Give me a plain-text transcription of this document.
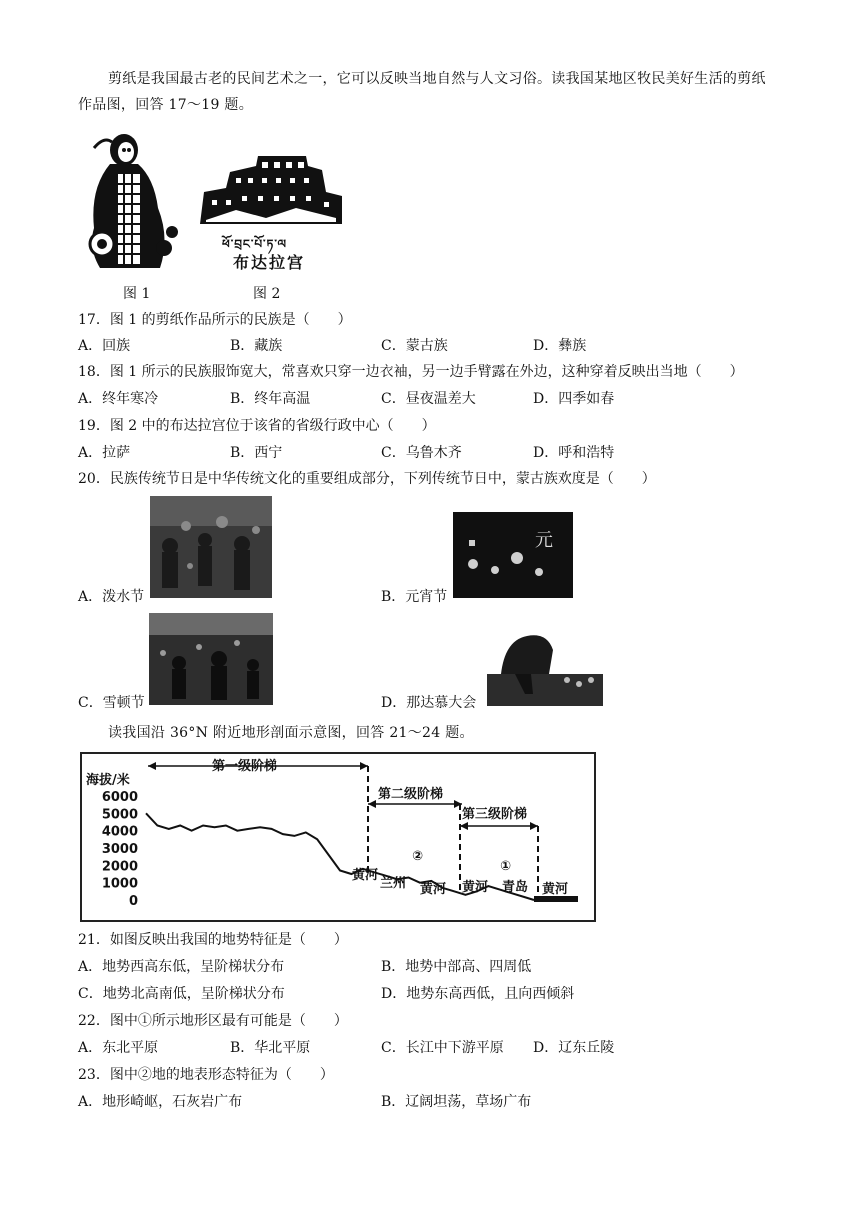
剪纸是我国最古老的民间艺术之一，它可以反映当地自然与人文习俗。读我国某地区牧民美好生活的剪纸作品图，回答 17～19 题。
ཕོ་བྲང་པོ་ཏ་ལ
布达拉宫
图 1	图 2
17．图 1 的剪纸作品所示的民族是（　　）
A．回族	B．藏族	C．蒙古族	D．彝族
18．图 1 所示的民族服饰宽大，常喜欢只穿一边衣袖，另一边手臂露在外边，这种穿着反映出当地（　　）
A．终年寒冷	B．终年高温	C．昼夜温差大	D．四季如春
19．图 2 中的布达拉宫位于该省的省级行政中心（　　）
A．拉萨	B．西宁	C．乌鲁木齐	D．呼和浩特
20．民族传统节日是中华传统文化的重要组成部分，下列传统节日中，蒙古族欢度是（　　）
A．泼水节
元
B．元宵节
C．雪顿节	D．那达慕大会
读我国沿 36°N 附近地形剖面示意图，回答 21～24 题。
海拔/米
0
1000
2000
3000
4000
5000
6000
第一级阶梯
第二级阶梯
第三级阶梯
②
①
黄河
兰州 黄河 黄河 青岛 黄河
21．如图反映出我国的地势特征是（　　）
A．地势西高东低，呈阶梯状分布	B．地势中部高、四周低
C．地势北高南低，呈阶梯状分布	D．地势东高西低，且向西倾斜
22．图中①所示地形区最有可能是（　　）
A．东北平原	B．华北平原	C．长江中下游平原 D．辽东丘陵
23．图中②地的地表形态特征为（　　）
A．地形崎岖，石灰岩广布	B．辽阔坦荡，草场广布
